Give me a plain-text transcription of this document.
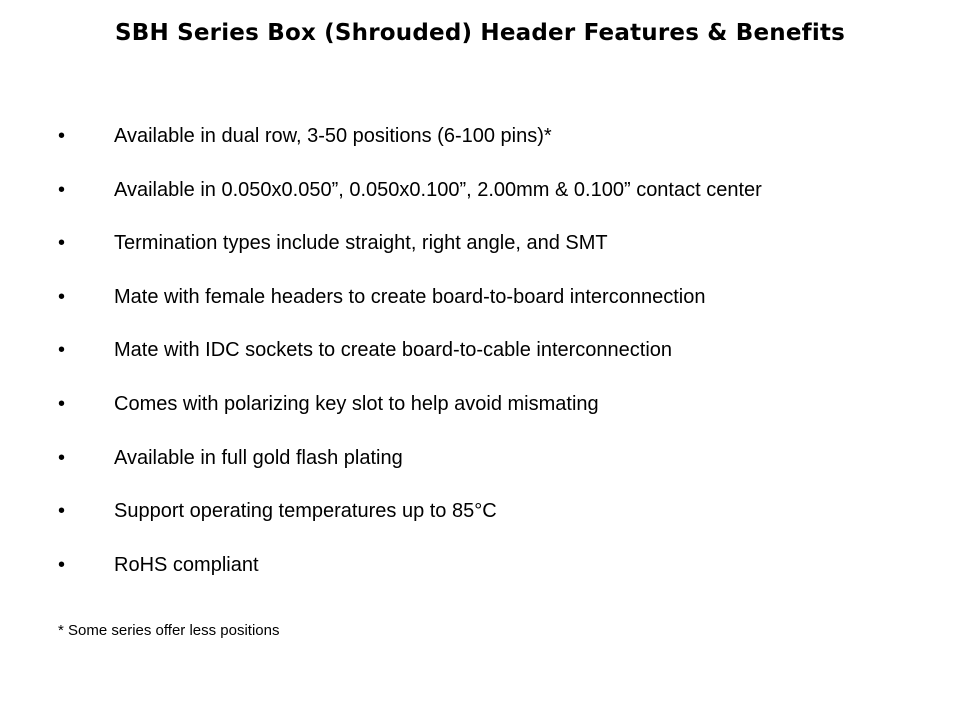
SBH Series Box (Shrouded) Header Features & Benefits
•	Available in dual row, 3-50 positions (6-100 pins)*
•	Available in 0.050x0.050”, 0.050x0.100”, 2.00mm & 0.100” contact center
•	Termination types include straight, right angle, and SMT
•	Mate with female headers to create board-to-board interconnection
•	Mate with IDC sockets to create board-to-cable interconnection
•	Comes with polarizing key slot to help avoid mismating
•	Available in full gold flash plating
•	Support operating temperatures up to 85°C
•	RoHS compliant
* Some series offer less positions
